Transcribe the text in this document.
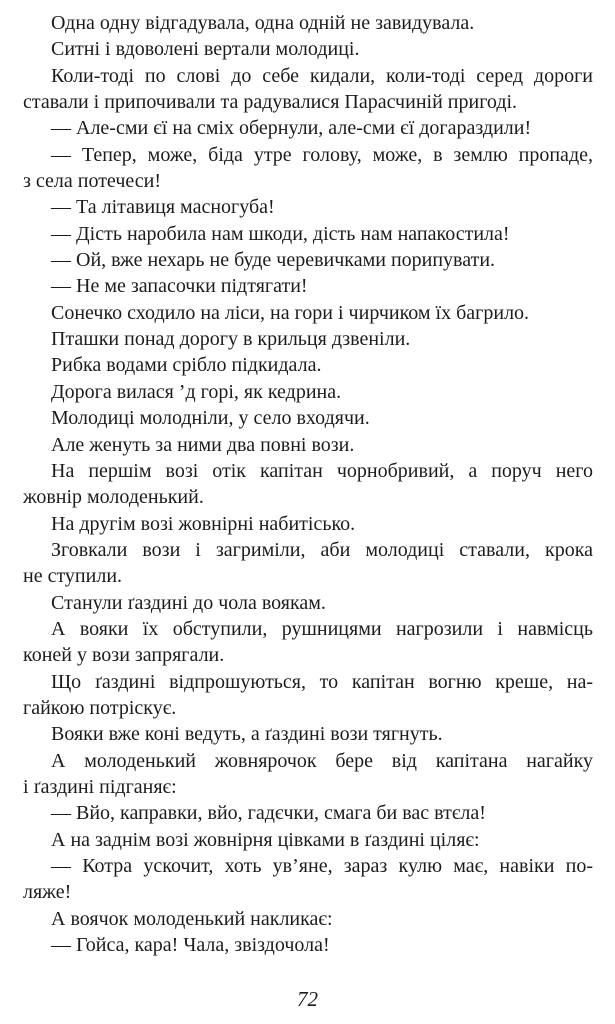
Одна одну відгадувала, одна одній не завидувала.
Ситні і вдоволені вертали молодиці.
Коли-тоді по слові до себе кидали, коли-тоді серед дороги
ставали і припочивали та радувалися Парасчиній пригоді.
— Але-сми єї на сміх обернули, але-сми єї догараздили!
— Тепер, може, біда утре голову, може, в землю пропаде,
з села потечеси!
— Та літавиця масногуба!
— Дість наробила нам шкоди, дість нам напакостила!
— Ой, вже нехарь не буде черевичками порипувати.
— Не ме запасочки підтягати!
Сонечко сходило на ліси, на гори і чирчиком їх багрило.
Пташки понад дорогу в крильця дзвеніли.
Рибка водами срібло підкидала.
Дорога вилася ’д горі, як кедрина.
Молодиці молодніли, у село входячи.
Але женуть за ними два повні вози.
На першім возі отік капітан чорнобривий, а поруч него
жовнір молоденький.
На другім возі жовнірні набитісько.
Зговкали вози і загриміли, аби молодиці ставали, крока
не ступили.
Станули ґаздині до чола воякам.
А вояки їх обступили, рушницями нагрозили і навмісць
коней у вози запрягали.
Що ґаздині відпрошуються, то капітан вогню креше, на-
гайкою потріскує.
Вояки вже коні ведуть, а ґаздині вози тягнуть.
А молоденький жовнярочок бере від капітана нагайку
і ґаздині підганяє:
— Вйо, каправки, вйо, гадєчки, смага би вас втєла!
А на заднім возі жовнірня цівками в ґаздині ціляє:
— Котра ускочит, хоть ув’яне, зараз кулю має, навіки по-
ляже!
А воячок молоденький накликає:
— Гойса, кара! Чала, звіздочола!
72
